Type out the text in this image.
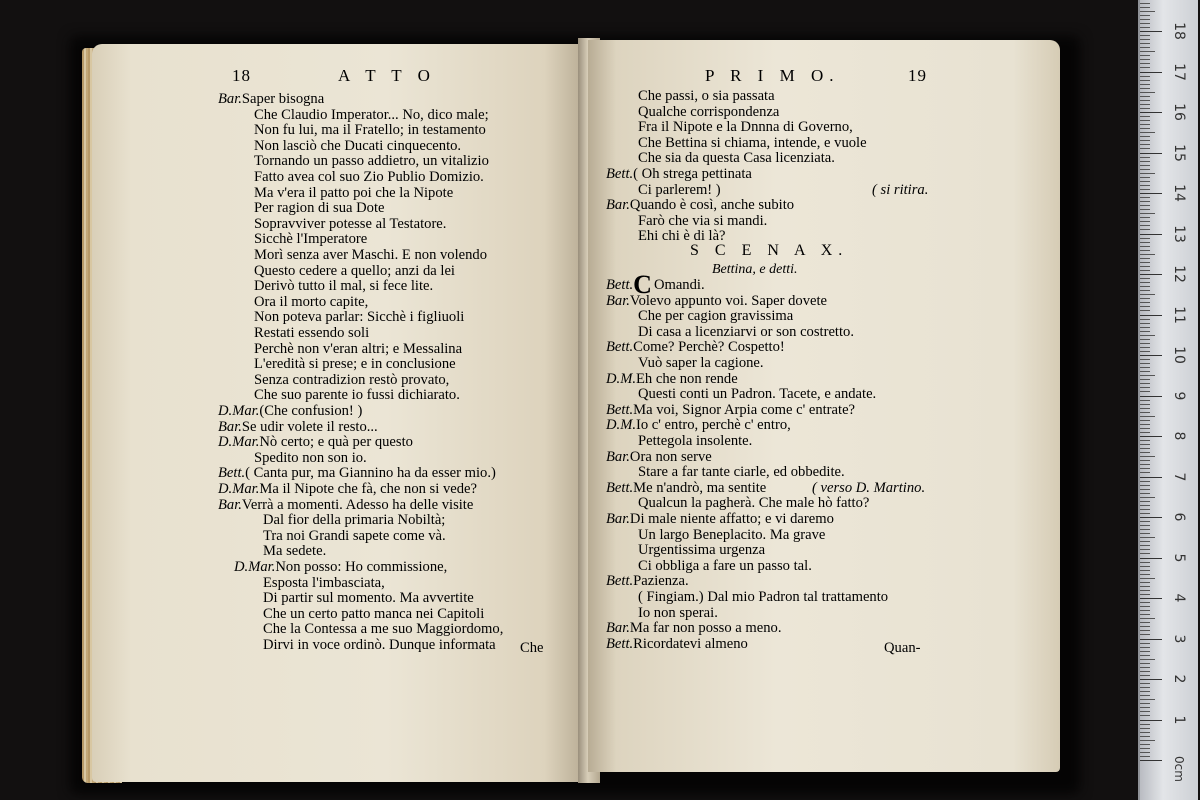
0cm
1
2
3
4
5
6
7
8
9
10
11
12
13
14
15
16
17
18
18	A T T O
Che
P R I M O.	19
Quan-
S C E N A X.
Bettina, e detti.
Bar.Saper bisogna
Che Claudio Imperator... No, dico male;
Non fu lui, ma il Fratello; in testamento
Non lasciò che Ducati cinquecento.
Tornando un passo addietro, un vitalizio
Fatto avea col suo Zio Publio Domizio.
Ma v'era il patto poi che la Nipote
Per ragion di sua Dote
Sopravviver potesse al Testatore.
Sicchè l'Imperatore
Morì senza aver Maschi. E non volendo
Questo cedere a quello; anzi da lei
Derivò tutto il mal, si fece lite.
Ora il morto capite,
Non poteva parlar: Sicchè i figliuoli
Restati essendo soli
Perchè non v'eran altri; e Messalina
L'eredità si prese; e in conclusione
Senza contradizion restò provato,
Che suo parente io fussi dichiarato.
D.Mar.(Che confusion! )
Bar.Se udir volete il resto...
D.Mar.Nò certo; e quà per questo
Spedito non son io.
Bett.( Canta pur, ma Giannino ha da esser mio.)
D.Mar.Ma il Nipote che fà, che non si vede?
Bar.Verrà a momenti. Adesso ha delle visite
Dal fior della primaria Nobiltà;
Tra noi Grandi sapete come và.
Ma sedete.
D.Mar.Non posso: Ho commissione,
Esposta l'imbasciata,
Di partir sul momento. Ma avvertite
Che un certo patto manca nei Capitoli
Che la Contessa a me suo Maggiordomo,
Dirvi in voce ordinò. Dunque informata
Che passi, o sia passata
Qualche corrispondenza
Fra il Nipote e la Dnnna di Governo,
Che Bettina si chiama, intende, e vuole
Che sia da questa Casa licenziata.
Bett.( Oh strega pettinata
Ci parlerem! )	( si ritira.
Bar.Quando è così, anche subito
Farò che via si mandi.
Ehi chi è di là?
Bett.C Omandi.
Bar.Volevo appunto voi. Saper dovete
Che per cagion gravissima
Di casa a licenziarvi or son costretto.
Bett.Come? Perchè? Cospetto!
Vuò saper la cagione.
D.M.Eh che non rende
Questi conti un Padron. Tacete, e andate.
Bett.Ma voi, Signor Arpia come c' entrate?
D.M.Io c' entro, perchè c' entro,
Pettegola insolente.
Bar.Ora non serve
Stare a far tante ciarle, ed obbedite.
Bett.Me n'andrò, ma sentite	( verso D. Martino.
Qualcun la pagherà. Che male hò fatto?
Bar.Di male niente affatto; e vi daremo
Un largo Beneplacito. Ma grave
Urgentissima urgenza
Ci obbliga a fare un passo tal.
Bett.Pazienza.
( Fingiam.) Dal mio Padron tal trattamento
Io non sperai.
Bar.Ma far non posso a meno.
Bett.Ricordatevi almeno
